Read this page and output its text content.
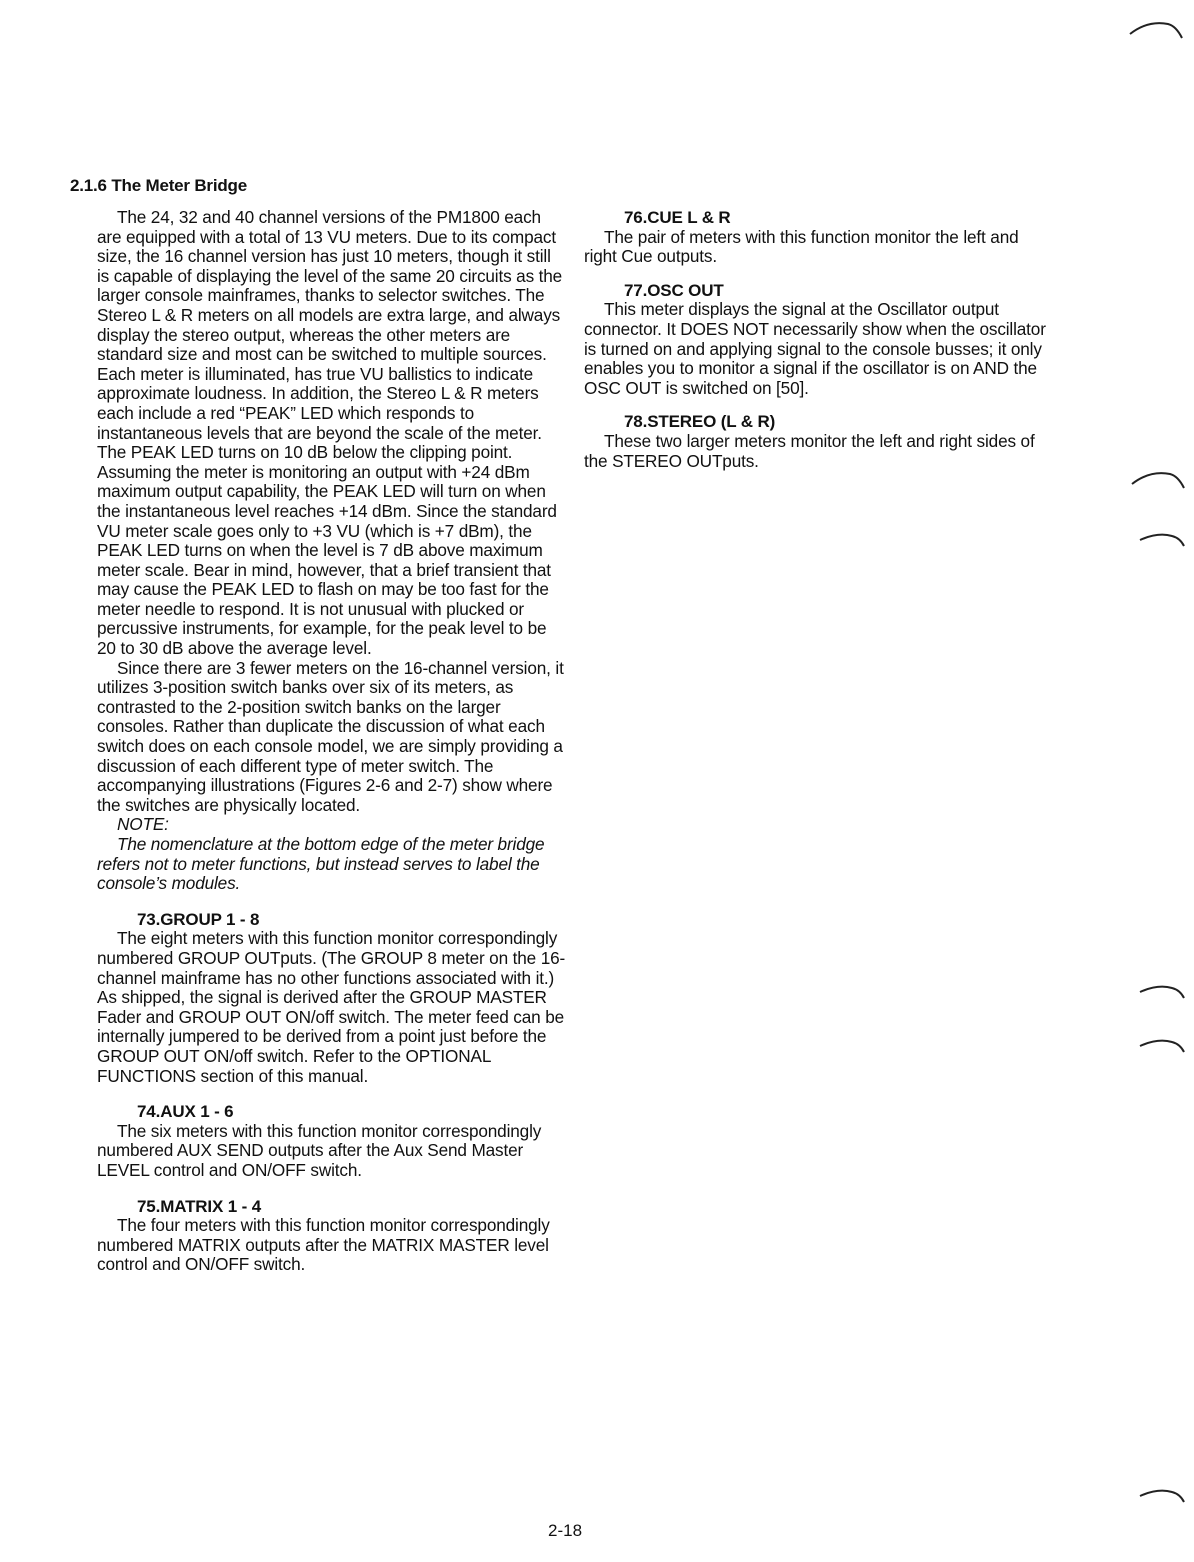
2.1.6 The Meter Bridge

The 24, 32 and 40 channel versions of the PM1800 each are equipped with a total of 13 VU meters. Due to its compact size, the 16 channel version has just 10 meters, though it still is capable of displaying the level of the same 20 circuits as the larger console mainframes, thanks to selector switches. The Stereo L & R meters on all models are extra large, and always display the stereo output, whereas the other meters are standard size and most can be switched to multiple sources. Each meter is illuminated, has true VU ballistics to indicate approximate loudness. In addition, the Stereo L & R meters each include a red “PEAK” LED which responds to instantaneous levels that are beyond the scale of the meter. The PEAK LED turns on 10 dB below the clipping point. Assuming the meter is monitoring an output with +24 dBm maximum output capability, the PEAK LED will turn on when the instantaneous level reaches +14 dBm. Since the standard VU meter scale goes only to +3 VU (which is +7 dBm), the PEAK LED turns on when the level is 7 dB above maximum meter scale. Bear in mind, however, that a brief transient that may cause the PEAK LED to flash on may be too fast for the meter needle to respond. It is not unusual with plucked or percussive instruments, for example, for the peak level to be 20 to 30 dB above the average level.

Since there are 3 fewer meters on the 16-channel version, it utilizes 3-position switch banks over six of its meters, as contrasted to the 2-position switch banks on the larger consoles. Rather than duplicate the discussion of what each switch does on each console model, we are simply providing a discussion of each different type of meter switch. The accompanying illustrations (Figures 2-6 and 2-7) show where the switches are physically located.

NOTE:

The nomenclature at the bottom edge of the meter bridge refers not to meter functions, but instead serves to label the console’s modules.

73.GROUP 1 - 8

The eight meters with this function monitor correspondingly numbered GROUP OUTputs. (The GROUP 8 meter on the 16-channel mainframe has no other functions associated with it.) As shipped, the signal is derived after the GROUP MASTER Fader and GROUP OUT ON/off switch. The meter feed can be internally jumpered to be derived from a point just before the GROUP OUT ON/off switch. Refer to the OPTIONAL FUNCTIONS section of this manual.

74.AUX 1 - 6

The six meters with this function monitor correspondingly numbered AUX SEND outputs after the Aux Send Master LEVEL control and ON/OFF switch.

75.MATRIX 1 - 4

The four meters with this function monitor correspondingly numbered MATRIX outputs after the MATRIX MASTER level control and ON/OFF switch.

76.CUE L & R

The pair of meters with this function monitor the left and right Cue outputs.

77.OSC OUT

This meter displays the signal at the Oscillator output connector. It DOES NOT necessarily show when the oscillator is turned on and applying signal to the console busses; it only enables you to monitor a signal if the oscillator is on AND the OSC OUT is switched on [50].

78.STEREO (L & R)

These two larger meters monitor the left and right sides of the STEREO OUTputs.

2-18
